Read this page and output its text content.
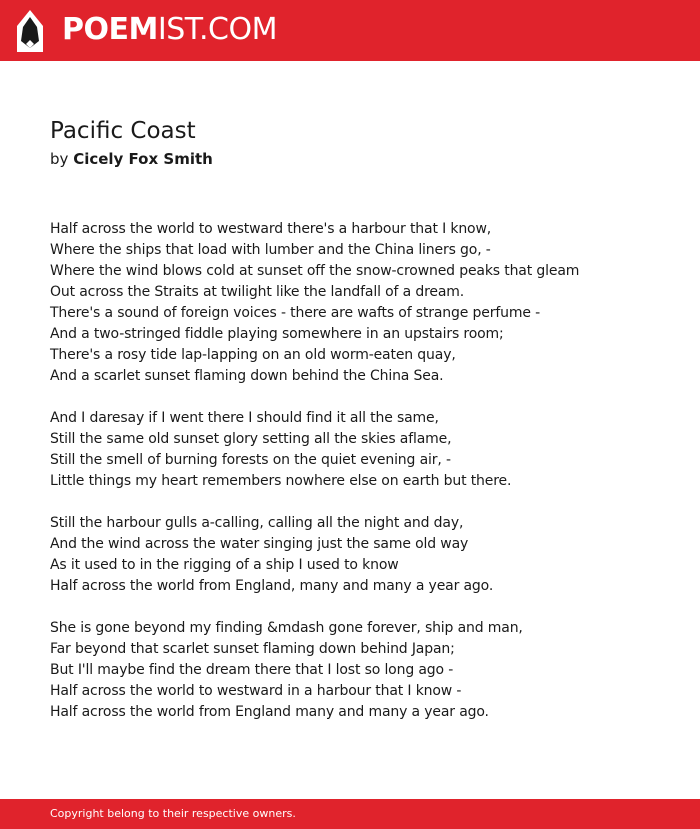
POEMIST.COM
Pacific Coast
by Cicely Fox Smith
Half across the world to westward there's a harbour that I know,
Where the ships that load with lumber and the China liners go, -
Where the wind blows cold at sunset off the snow-crowned peaks that gleam
Out across the Straits at twilight like the landfall of a dream.
There's a sound of foreign voices - there are wafts of strange perfume -
And a two-stringed fiddle playing somewhere in an upstairs room;
There's a rosy tide lap-lapping on an old worm-eaten quay,
And a scarlet sunset flaming down behind the China Sea.
And I daresay if I went there I should find it all the same,
Still the same old sunset glory setting all the skies aflame,
Still the smell of burning forests on the quiet evening air, -
Little things my heart remembers nowhere else on earth but there.
Still the harbour gulls a-calling, calling all the night and day,
And the wind across the water singing just the same old way
As it used to in the rigging of a ship I used to know
Half across the world from England, many and many a year ago.
She is gone beyond my finding &mdash gone forever, ship and man,
Far beyond that scarlet sunset flaming down behind Japan;
But I'll maybe find the dream there that I lost so long ago -
Half across the world to westward in a harbour that I know -
Half across the world from England many and many a year ago.
Copyright belong to their respective owners.
